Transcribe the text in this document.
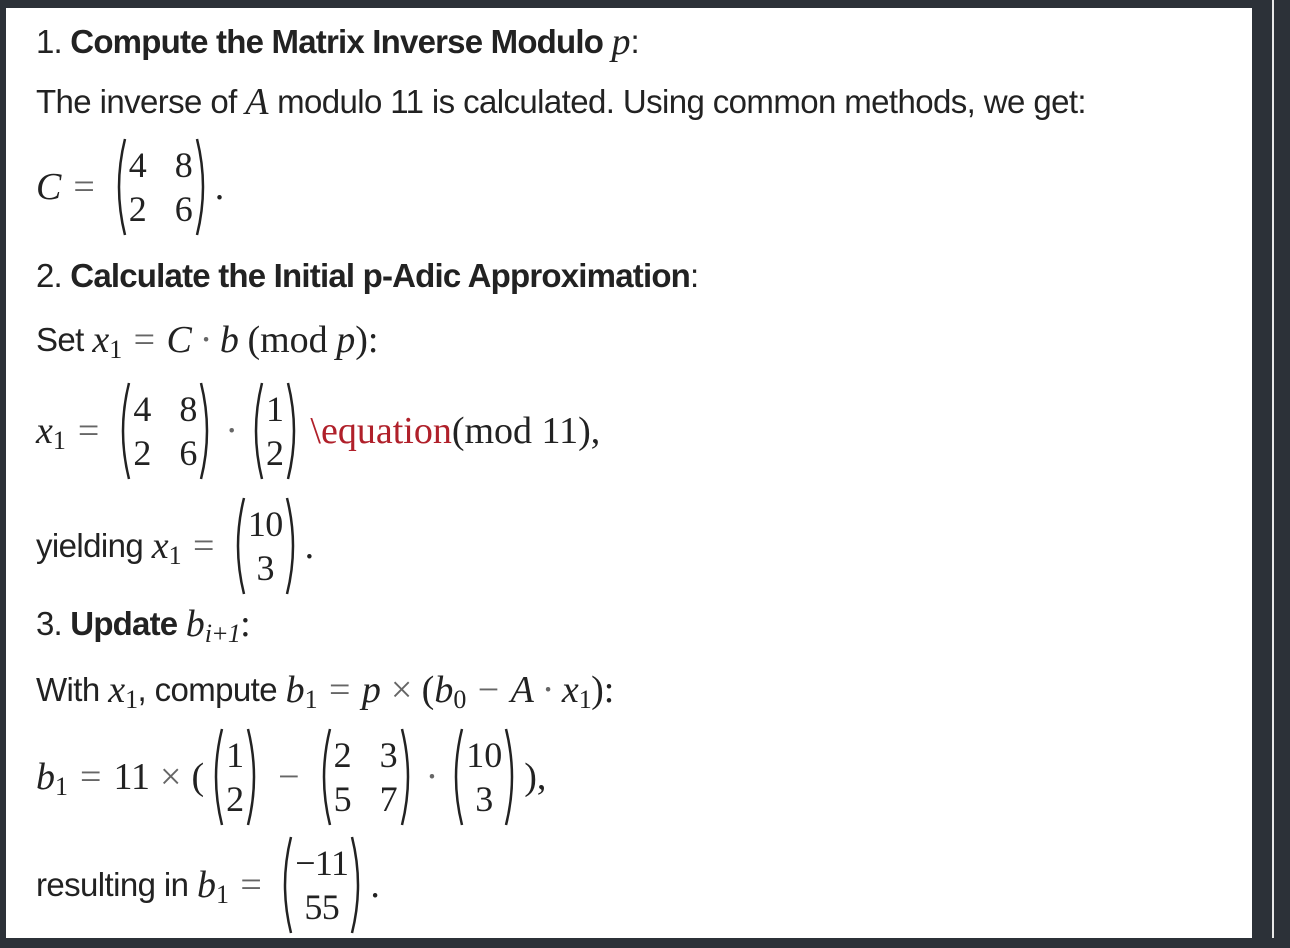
1.
Compute the Matrix Inverse Modulo
p :
The inverse of
A
modulo 11 is calculated. Using common methods, we get:
C =
4 8
2 6
.
2.
Calculate the Initial p-Adic Approximation :
Set
x 1 = C · b
(mod
p ):
x 1 =
4 8
2 6
·
1
2

\equation (mod 11),
yielding
x 1 =
10
3
.
3.
Update
b i+1 :
With
x 1 , compute
b 1 = p × ( b 0 − A · x 1 ):
b 1 = 11 × (
1
2
−
2 3
5 7
·
10
3
),
resulting in
b 1 =
−11
55
.
